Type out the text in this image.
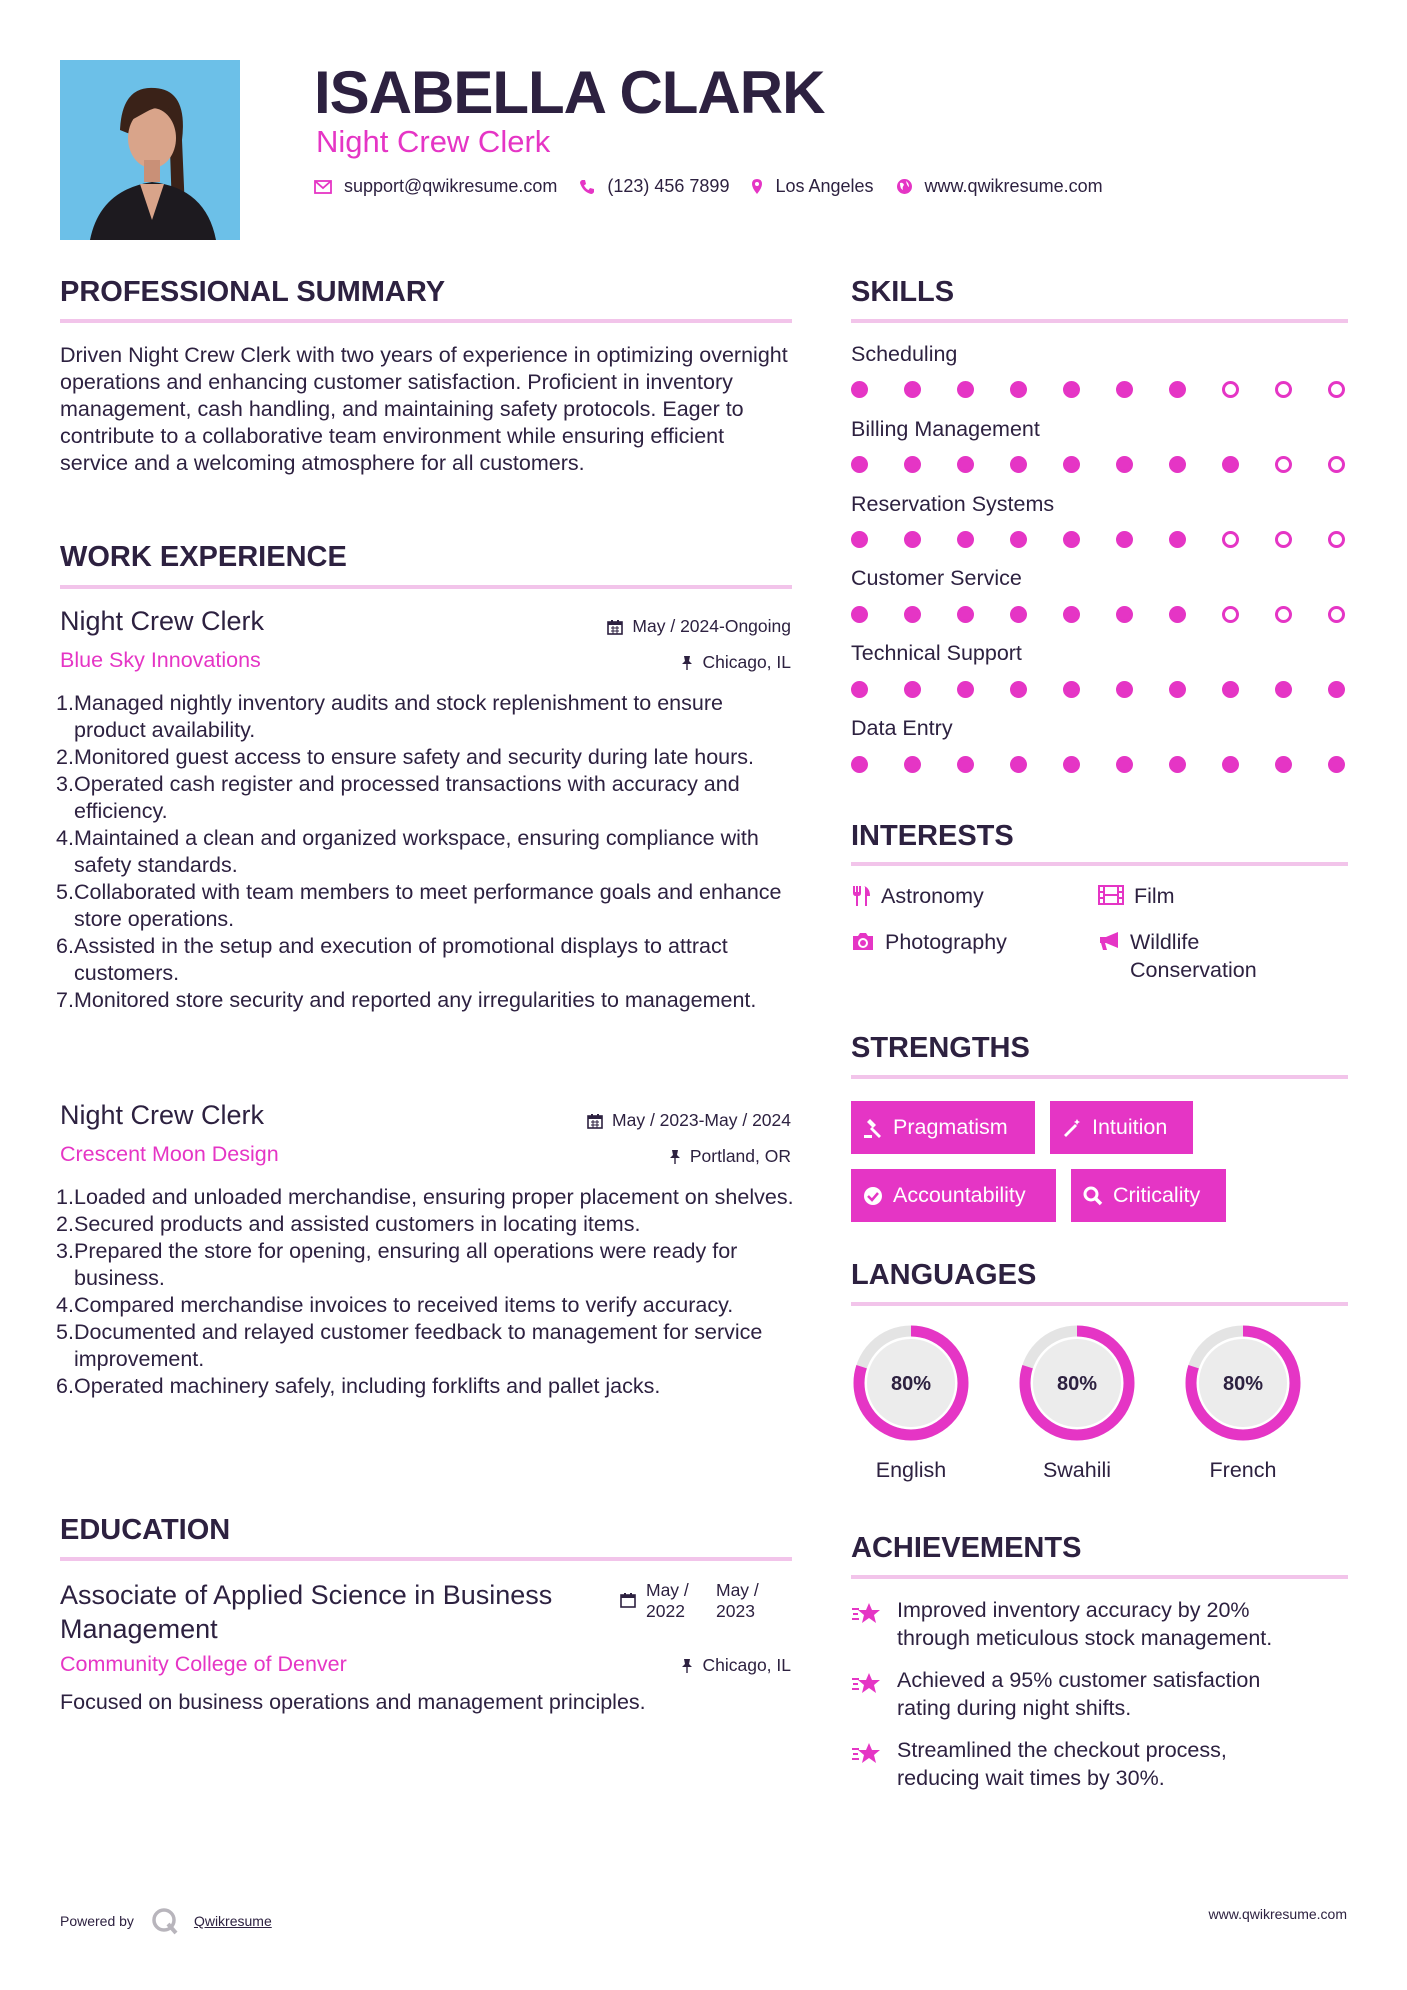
ISABELLA CLARK
Night Crew Clerk
support@qwikresume.com	(123) 456 7899	Los Angeles	www.qwikresume.com
PROFESSIONAL SUMMARY
Driven Night Crew Clerk with two years of experience in optimizing overnight operations and enhancing customer satisfaction. Proficient in inventory management, cash handling, and maintaining safety protocols. Eager to contribute to a collaborative team environment while ensuring efficient service and a welcoming atmosphere for all customers.
WORK EXPERIENCE
Night Crew Clerk	May / 2024-Ongoing
Blue Sky Innovations	Chicago, IL
1. Managed nightly inventory audits and stock replenishment to ensure product availability.
2. Monitored guest access to ensure safety and security during late hours.
3. Operated cash register and processed transactions with accuracy and efficiency.
4. Maintained a clean and organized workspace, ensuring compliance with safety standards.
5. Collaborated with team members to meet performance goals and enhance store operations.
6. Assisted in the setup and execution of promotional displays to attract customers.
7. Monitored store security and reported any irregularities to management.
Night Crew Clerk	May / 2023-May / 2024
Crescent Moon Design	Portland, OR
1. Loaded and unloaded merchandise, ensuring proper placement on shelves.
2. Secured products and assisted customers in locating items.
3. Prepared the store for opening, ensuring all operations were ready for business.
4. Compared merchandise invoices to received items to verify accuracy.
5. Documented and relayed customer feedback to management for service improvement.
6. Operated machinery safely, including forklifts and pallet jacks.
EDUCATION
Associate of Applied Science in Business
Management
May /
2022
May /
2023
Community College of Denver	Chicago, IL
Focused on business operations and management principles.
SKILLS
Scheduling
Billing Management
Reservation Systems
Customer Service
Technical Support
Data Entry
INTERESTS
Astronomy	Film
Photography	Wildlife
Conservation
STRENGTHS
Pragmatism	Intuition
Accountability	Criticality
LANGUAGES
80%	80%	80%
English	Swahili	French
ACHIEVEMENTS
Improved inventory accuracy by 20%
through meticulous stock management.
Achieved a 95% customer satisfaction
rating during night shifts.
Streamlined the checkout process,
reducing wait times by 30%.
Powered by	Qwikresume	www.qwikresume.com
